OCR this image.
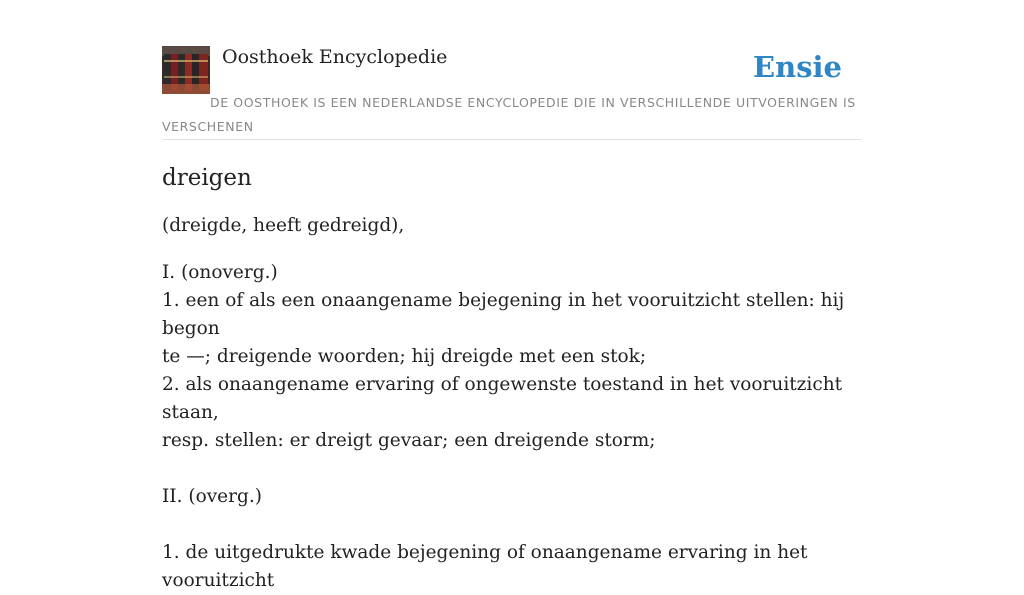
Oosthoek Encyclopedie	Ensie
DE OOSTHOEK IS EEN NEDERLANDSE ENCYCLOPEDIE DIE IN VERSCHILLENDE UITVOERINGEN IS VERSCHENEN
dreigen

(dreigde, heeft gedreigd),

I. (onoverg.)
1. een of als een onaangename bejegening in het vooruitzicht stellen: hij begon
te —; dreigende woorden; hij dreigde met een stok;
2. als onaangename ervaring of ongewenste toestand in het vooruitzicht staan,
resp. stellen: er dreigt gevaar; een dreigende storm;
II. (overg.)
1. de uitgedrukte kwade bejegening of onaangename ervaring in het vooruitzicht
